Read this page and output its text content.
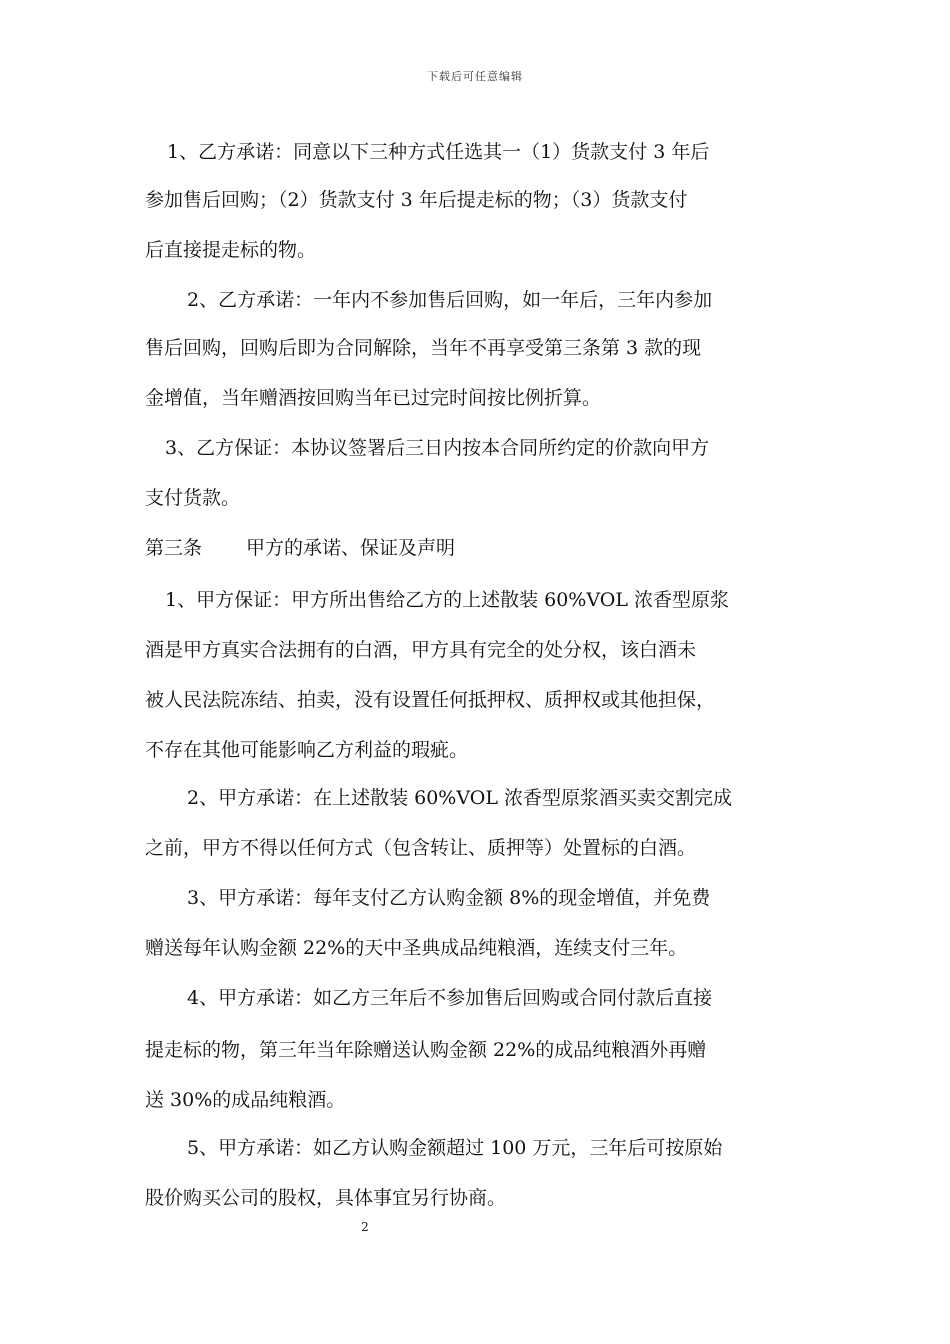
下载后可任意编辑
1、乙方承诺：同意以下三种方式任选其一（1）货款支付 3 年后
参加售后回购；（2）货款支付 3 年后提走标的物；（3）货款支付
后直接提走标的物。
2、乙方承诺：一年内不参加售后回购，如一年后，三年内参加
售后回购，回购后即为合同解除，当年不再享受第三条第 3 款的现
金增值，当年赠酒按回购当年已过完时间按比例折算。
3、乙方保证：本协议签署后三日内按本合同所约定的价款向甲方
支付货款。
第三条 甲方的承诺、保证及声明
1、甲方保证：甲方所出售给乙方的上述散装 60%VOL 浓香型原浆
酒是甲方真实合法拥有的白酒，甲方具有完全的处分权，该白酒未
被人民法院冻结、拍卖，没有设置任何抵押权、质押权或其他担保，
不存在其他可能影响乙方利益的瑕疵。
2、甲方承诺：在上述散装 60%VOL 浓香型原浆酒买卖交割完成
之前，甲方不得以任何方式（包含转让、质押等）处置标的白酒。
3、甲方承诺：每年支付乙方认购金额 8%的现金增值，并免费
赠送每年认购金额 22%的天中圣典成品纯粮酒，连续支付三年。
4、甲方承诺：如乙方三年后不参加售后回购或合同付款后直接
提走标的物，第三年当年除赠送认购金额 22%的成品纯粮酒外再赠
送 30%的成品纯粮酒。
5、甲方承诺：如乙方认购金额超过 100 万元，三年后可按原始
股价购买公司的股权，具体事宜另行协商。
2
